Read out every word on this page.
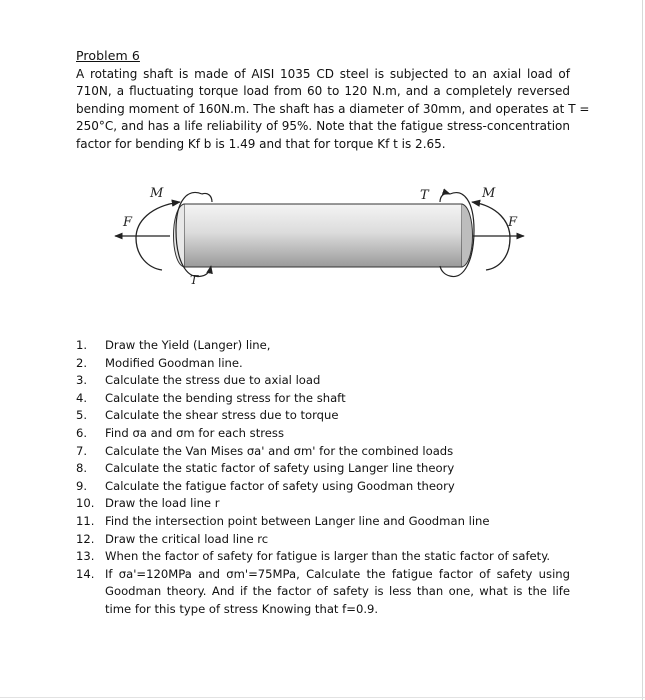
Problem 6
A rotating shaft is made of AISI 1035 CD steel is subjected to an axial load of
710N, a fluctuating torque load from 60 to 120 N.m, and a completely reversed
bending moment of 160N.m. The shaft has a diameter of 30mm, and operates at T =
250°C, and has a life reliability of 95%. Note that the fatigue stress-concentration
factor for bending Kf b is 1.49 and that for torque Kf t is 2.65.
M
F
T
T	M
F
1.	Draw the Yield (Langer) line,
2.	Modified Goodman line.
3.	Calculate the stress due to axial load
4.	Calculate the bending stress for the shaft
5.	Calculate the shear stress due to torque
6.	Find σa and σm for each stress
7.	Calculate the Van Mises σa' and σm' for the combined loads
8.	Calculate the static factor of safety using Langer line theory
9.	Calculate the fatigue factor of safety using Goodman theory
10. Draw the load line r
11. Find the intersection point between Langer line and Goodman line
12. Draw the critical load line rc
13. When the factor of safety for fatigue is larger than the static factor of safety.
14. If σa'=120MPa and σm'=75MPa, Calculate the fatigue factor of safety using Goodman theory. And if the factor of safety is less than one, what is the life time for this type of stress Knowing that f=0.9.
